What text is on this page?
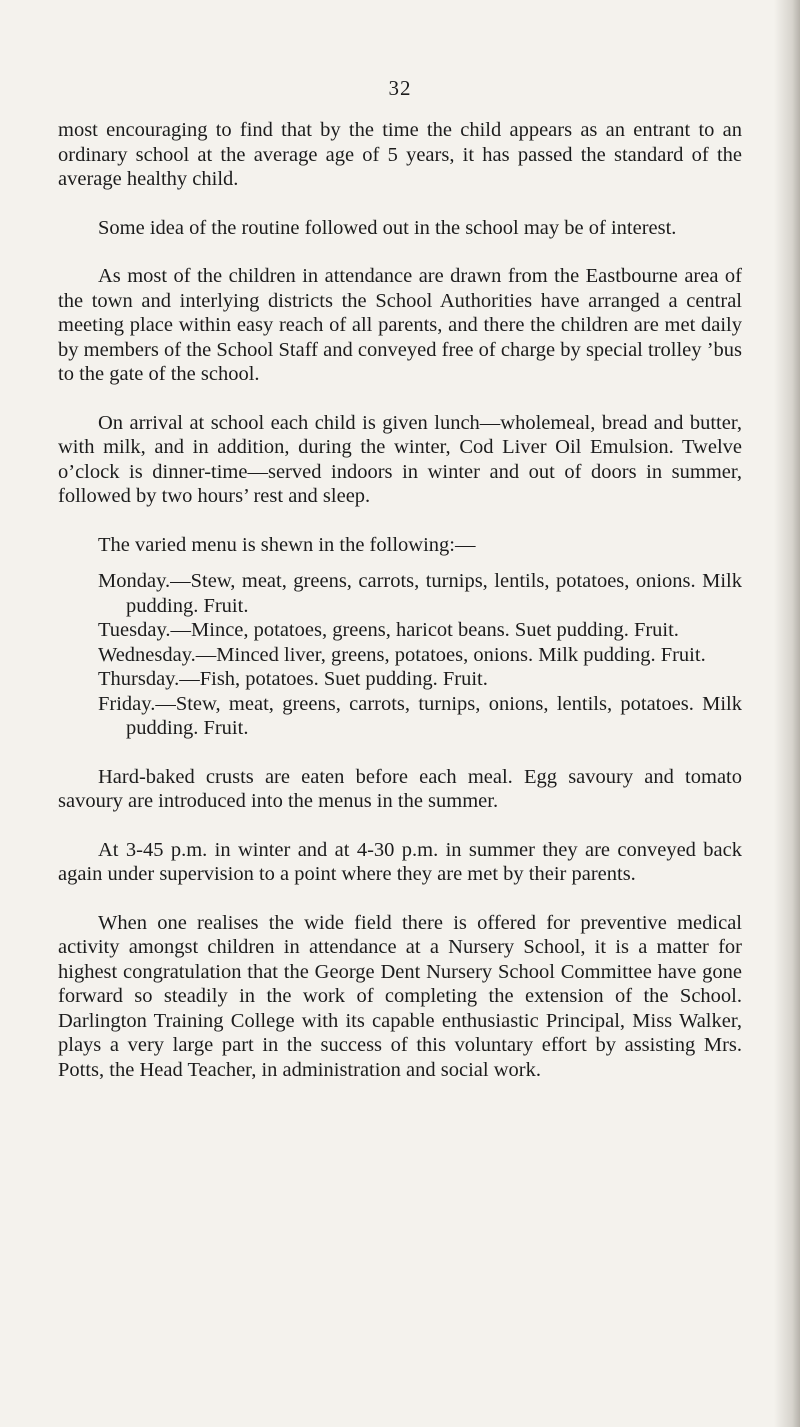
32

most encouraging to find that by the time the child appears as an entrant to an ordinary school at the average age of 5 years, it has passed the standard of the average healthy child.

Some idea of the routine followed out in the school may be of interest.

As most of the children in attendance are drawn from the Eastbourne area of the town and interlying districts the School Authorities have arranged a central meeting place within easy reach of all parents, and there the children are met daily by members of the School Staff and conveyed free of charge by special trolley ’bus to the gate of the school.

On arrival at school each child is given lunch—wholemeal, bread and butter, with milk, and in addition, during the winter, Cod Liver Oil Emulsion. Twelve o’clock is dinner-time—served indoors in winter and out of doors in summer, followed by two hours’ rest and sleep.

The varied menu is shewn in the following:—

Monday.—Stew, meat, greens, carrots, turnips, lentils, potatoes, onions. Milk pudding. Fruit.
Tuesday.—Mince, potatoes, greens, haricot beans. Suet pudding. Fruit.
Wednesday.—Minced liver, greens, potatoes, onions. Milk pudding. Fruit.
Thursday.—Fish, potatoes. Suet pudding. Fruit.
Friday.—Stew, meat, greens, carrots, turnips, onions, lentils, potatoes. Milk pudding. Fruit.

Hard-baked crusts are eaten before each meal. Egg savoury and tomato savoury are introduced into the menus in the summer.

At 3-45 p.m. in winter and at 4-30 p.m. in summer they are conveyed back again under supervision to a point where they are met by their parents.

When one realises the wide field there is offered for preventive medical activity amongst children in attendance at a Nursery School, it is a matter for highest congratulation that the George Dent Nursery School Committee have gone forward so steadily in the work of completing the extension of the School. Darlington Training College with its capable enthusiastic Principal, Miss Walker, plays a very large part in the success of this voluntary effort by assisting Mrs. Potts, the Head Teacher, in administration and social work.
